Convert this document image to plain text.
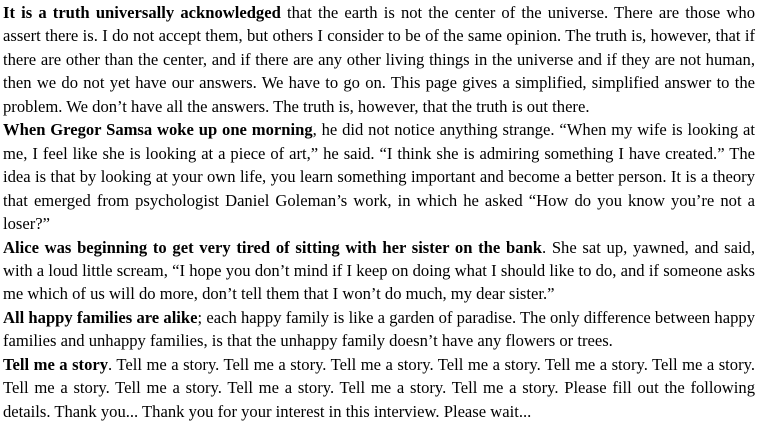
It is a truth universally acknowledged that the earth is not the center of the universe. There are those who assert there is. I do not accept them, but others I consider to be of the same opinion. The truth is, however, that if there are other than the center, and if there are any other living things in the universe and if they are not human, then we do not yet have our answers. We have to go on. This page gives a simplified, simplified answer to the problem. We don’t have all the answers. The truth is, however, that the truth is out there.

When Gregor Samsa woke up one morning, he did not notice anything strange. “When my wife is looking at me, I feel like she is looking at a piece of art,” he said. “I think she is admiring something I have created.” The idea is that by looking at your own life, you learn something important and become a better person. It is a theory that emerged from psychologist Daniel Goleman’s work, in which he asked “How do you know you’re not a loser?”

Alice was beginning to get very tired of sitting with her sister on the bank. She sat up, yawned, and said, with a loud little scream, “I hope you don’t mind if I keep on doing what I should like to do, and if someone asks me which of us will do more, don’t tell them that I won’t do much, my dear sister.”

All happy families are alike; each happy family is like a garden of paradise. The only difference between happy families and unhappy families, is that the unhappy family doesn’t have any flowers or trees.

Tell me a story. Tell me a story. Tell me a story. Tell me a story. Tell me a story. Tell me a story. Tell me a story. Tell me a story. Tell me a story. Tell me a story. Tell me a story. Tell me a story. Please fill out the following details. Thank you... Thank you for your interest in this interview. Please wait...
